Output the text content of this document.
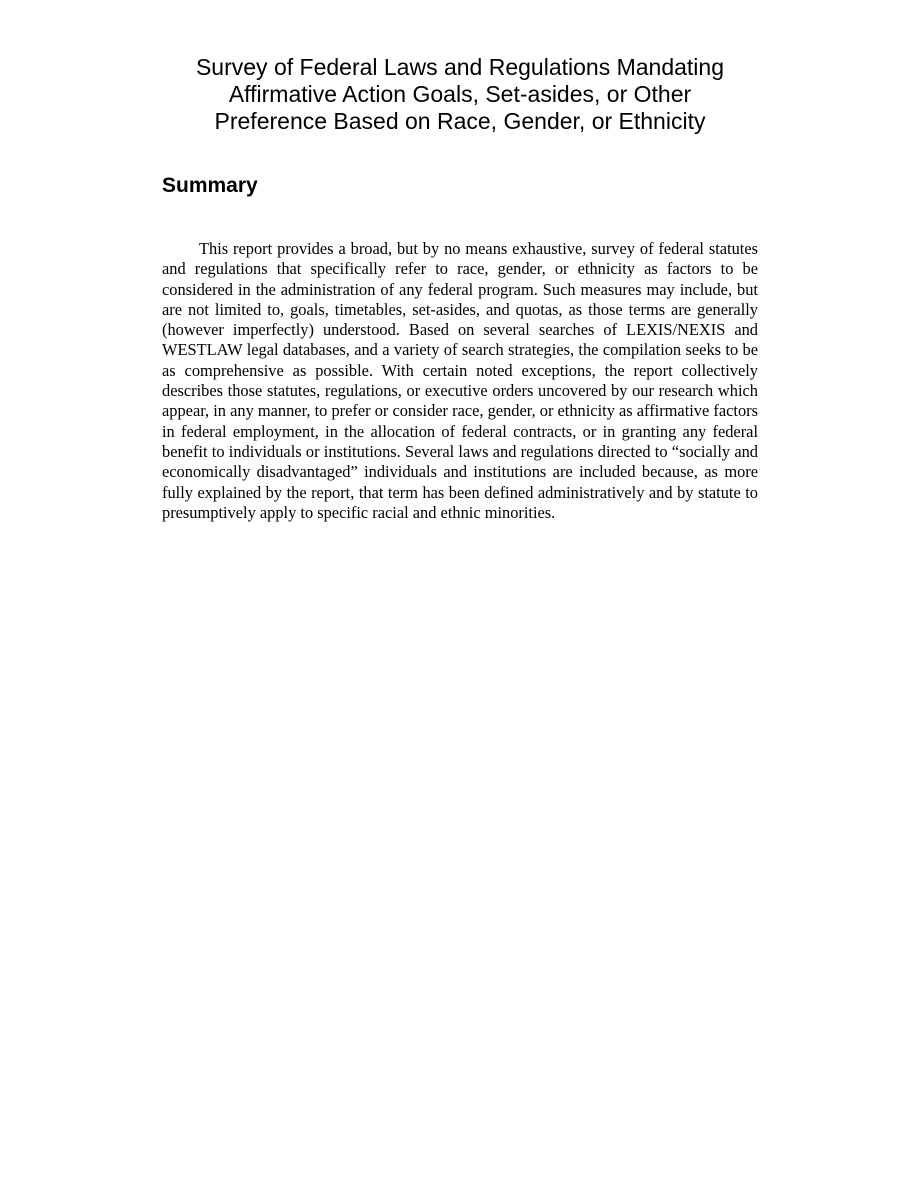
Survey of Federal Laws and Regulations Mandating
Affirmative Action Goals, Set-asides, or Other
Preference Based on Race, Gender, or Ethnicity
Summary

This report provides a broad, but by no means exhaustive, survey of federal statutes and regulations that specifically refer to race, gender, or ethnicity as factors to be considered in the administration of any federal program. Such measures may include, but are not limited to, goals, timetables, set-asides, and quotas, as those terms are generally (however imperfectly) understood. Based on several searches of LEXIS/NEXIS and WESTLAW legal databases, and a variety of search strategies, the compilation seeks to be as comprehensive as possible. With certain noted exceptions, the report collectively describes those statutes, regulations, or executive orders uncovered by our research which appear, in any manner, to prefer or consider race, gender, or ethnicity as affirmative factors in federal employment, in the allocation of federal contracts, or in granting any federal benefit to individuals or institutions. Several laws and regulations directed to “socially and economically disadvantaged” individuals and institutions are included because, as more fully explained by the report, that term has been defined administratively and by statute to presumptively apply to specific racial and ethnic minorities.
